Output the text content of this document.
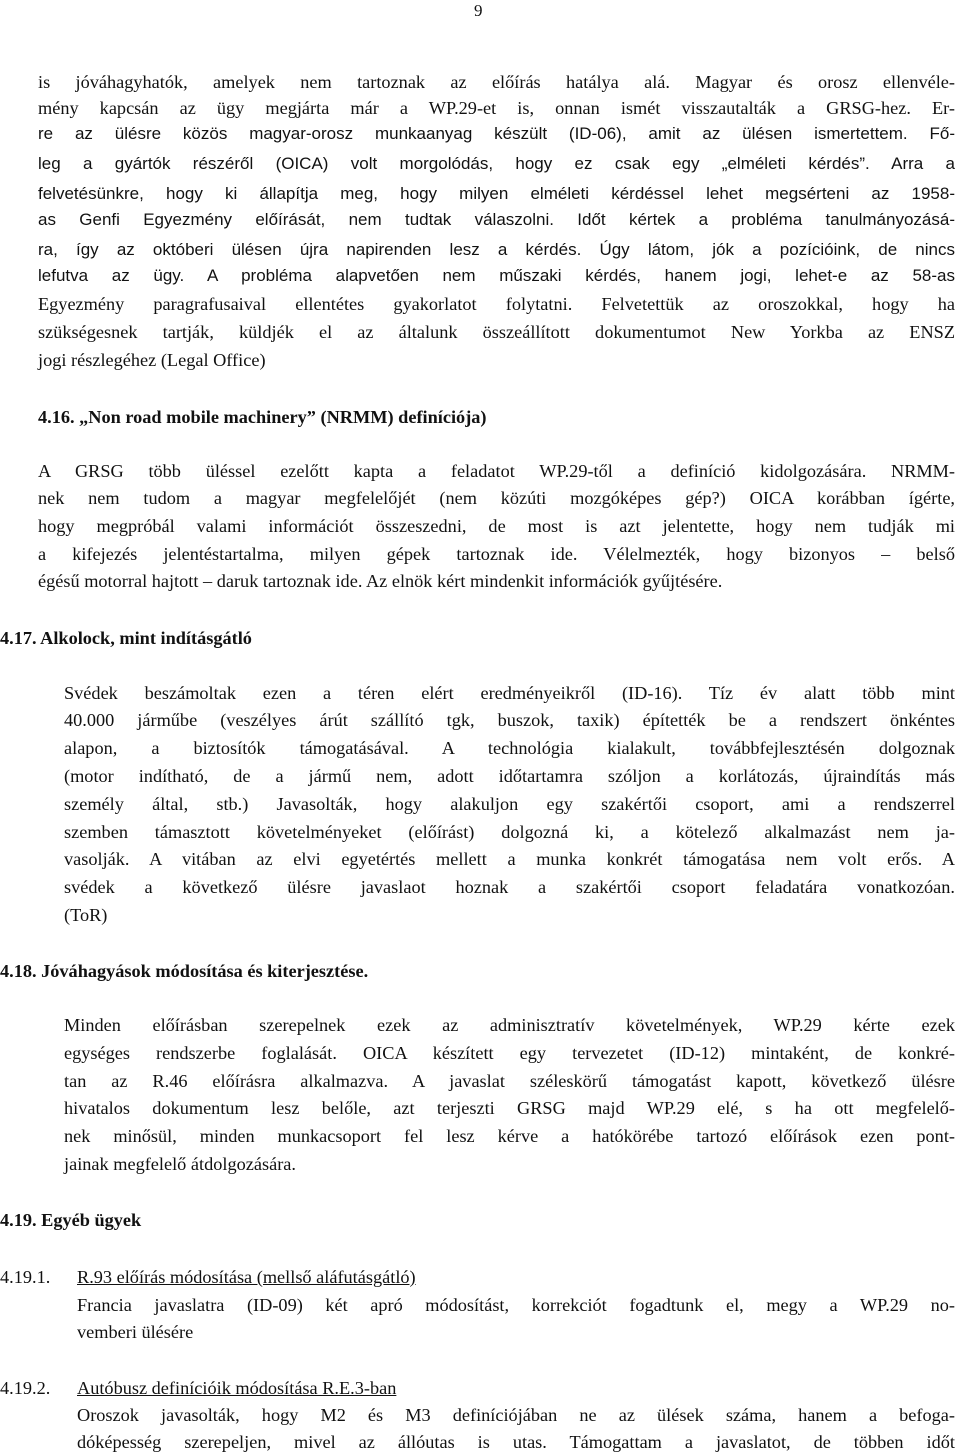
9
is jóváhagyhatók, amelyek nem tartoznak az előírás hatálya alá. Magyar és orosz ellenvéle-
mény kapcsán az ügy megjárta már a WP.29-et is, onnan ismét visszautalták a GRSG-hez. Er-
re az ülésre közös magyar-orosz munkaanyag készült (ID-06), amit az ülésen ismertettem. Fő-
leg a gyártók részéről (OICA) volt morgolódás, hogy ez csak egy „elméleti kérdés”. Arra a
felvetésünkre, hogy ki állapítja meg, hogy milyen elméleti kérdéssel lehet megsérteni az 1958-
as Genfi Egyezmény előírását, nem tudtak válaszolni. Időt kértek a probléma tanulmányozásá-
ra, így az októberi ülésen újra napirenden lesz a kérdés. Úgy látom, jók a pozícióink, de nincs
lefutva az ügy. A probléma alapvetően nem műszaki kérdés, hanem jogi, lehet-e az 58-as
Egyezmény paragrafusaival ellentétes gyakorlatot folytatni. Felvetettük az oroszokkal, hogy ha
szükségesnek tartják, küldjék el az általunk összeállított dokumentumot New Yorkba az ENSZ
jogi részlegéhez (Legal Office)
4.16. „Non road mobile machinery” (NRMM) definíciója)
A GRSG több üléssel ezelőtt kapta a feladatot WP.29-től a definíció kidolgozására. NRMM-
nek nem tudom a magyar megfelelőjét (nem közúti mozgóképes gép?) OICA korábban ígérte,
hogy megpróbál valami információt összeszedni, de most is azt jelentette, hogy nem tudják mi
a kifejezés jelentéstartalma, milyen gépek tartoznak ide. Vélelmezték, hogy bizonyos – belső
égésű motorral hajtott – daruk tartoznak ide. Az elnök kért mindenkit információk gyűjtésére.
4.17. Alkolock, mint indításgátló
Svédek beszámoltak ezen a téren elért eredményeikről (ID-16). Tíz év alatt több mint
40.000 járműbe (veszélyes árút szállító tgk, buszok, taxik) építették be a rendszert önkéntes
alapon, a biztosítók támogatásával. A technológia kialakult, továbbfejlesztésén dolgoznak
(motor indítható, de a jármű nem, adott időtartamra szóljon a korlátozás, újraindítás más
személy által, stb.) Javasolták, hogy alakuljon egy szakértői csoport, ami a rendszerrel
szemben támasztott követelményeket (előírást) dolgozná ki, a kötelező alkalmazást nem ja-
vasolják. A vitában az elvi egyetértés mellett a munka konkrét támogatása nem volt erős. A
svédek a következő ülésre javaslaot hoznak a szakértői csoport feladatára vonatkozóan.
(ToR)
4.18. Jóváhagyások módosítása és kiterjesztése.
Minden előírásban szerepelnek ezek az adminisztratív követelmények, WP.29 kérte ezek
egységes rendszerbe foglalását. OICA készített egy tervezetet (ID-12) mintaként, de konkré-
tan az R.46 előírásra alkalmazva. A javaslat széleskörű támogatást kapott, következő ülésre
hivatalos dokumentum lesz belőle, azt terjeszti GRSG majd WP.29 elé, s ha ott megfelelő-
nek minősül, minden munkacsoport fel lesz kérve a hatókörébe tartozó előírások ezen pont-
jainak megfelelő átdolgozására.
4.19. Egyéb ügyek
4.19.1. R.93 előírás módosítása (mellső aláfutásgátló)
Francia javaslatra (ID-09) két apró módosítást, korrekciót fogadtunk el, megy a WP.29 no-
vemberi ülésére
4.19.2. Autóbusz definícióik módosítása R.E.3-ban
Oroszok javasolták, hogy M2 és M3 definíciójában ne az ülések száma, hanem a befoga-
dóképesség szerepeljen, mivel az állóutas is utas. Támogattam a javaslatot, de többen időt
